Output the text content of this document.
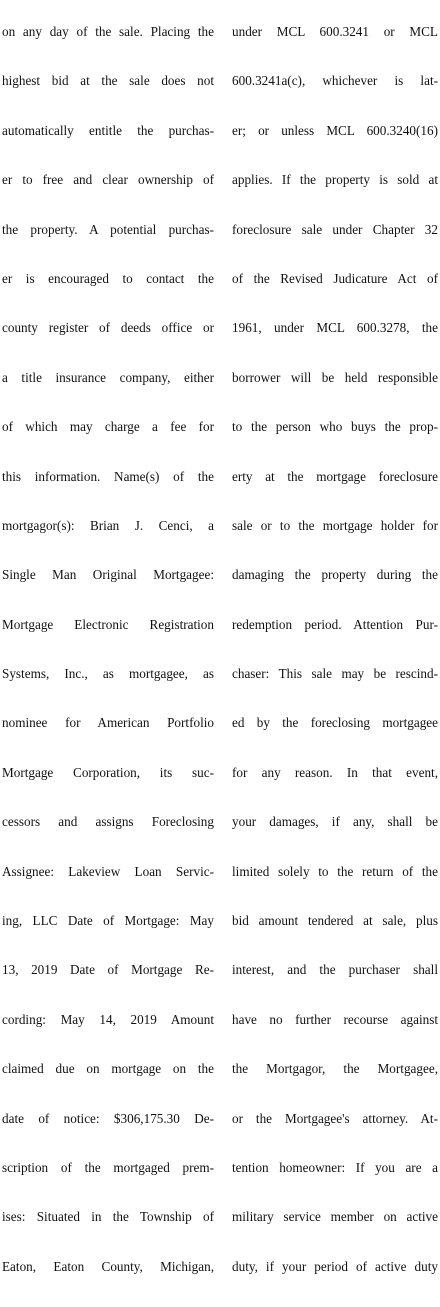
on any day of the sale. Placing the

highest bid at the sale does not

automatically entitle the purchas-

er to free and clear ownership of

the property. A potential purchas-

er is encouraged to contact the

county register of deeds office or

a title insurance company, either

of which may charge a fee for

this information. Name(s) of the

mortgagor(s): Brian J. Cenci, a

Single Man Original Mortgagee:

Mortgage Electronic Registration

Systems, Inc., as mortgagee, as

nominee for American Portfolio

Mortgage Corporation, its suc-

cessors and assigns Foreclosing

Assignee: Lakeview Loan Servic-

ing, LLC Date of Mortgage: May

13, 2019 Date of Mortgage Re-

cording: May 14, 2019 Amount

claimed due on mortgage on the

date of notice: $306,175.30 De-

scription of the mortgaged prem-

ises: Situated in the Township of

Eaton, Eaton County, Michigan,

under MCL 600.3241 or MCL

600.3241a(c), whichever is lat-

er; or unless MCL 600.3240(16)

applies. If the property is sold at

foreclosure sale under Chapter 32

of the Revised Judicature Act of

1961, under MCL 600.3278, the

borrower will be held responsible

to the person who buys the prop-

erty at the mortgage foreclosure

sale or to the mortgage holder for

damaging the property during the

redemption period. Attention Pur-

chaser: This sale may be rescind-

ed by the foreclosing mortgagee

for any reason. In that event,

your damages, if any, shall be

limited solely to the return of the

bid amount tendered at sale, plus

interest, and the purchaser shall

have no further recourse against

the Mortgagor, the Mortgagee,

or the Mortgagee's attorney. At-

tention homeowner: If you are a

military service member on active

duty, if your period of active duty
